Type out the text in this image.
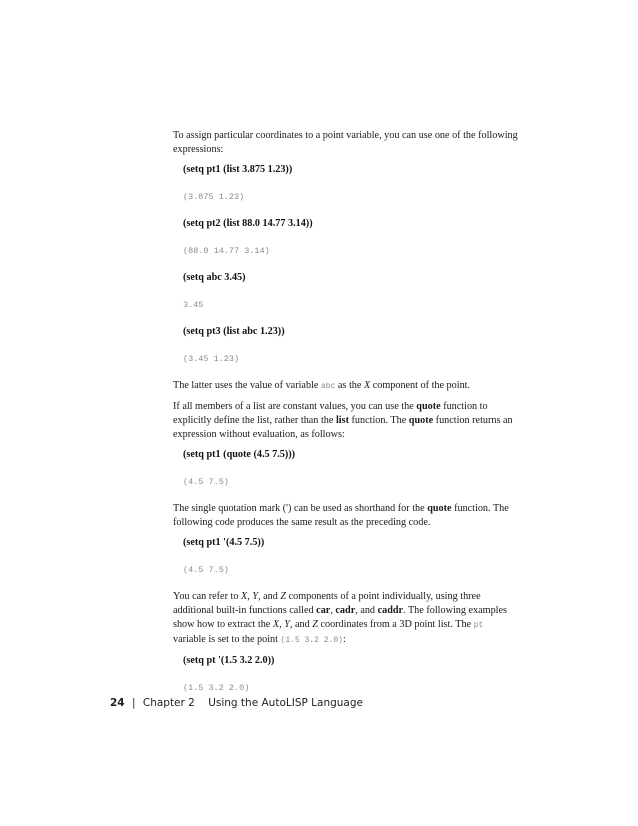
To assign particular coordinates to a point variable, you can use one of the following expressions:
(setq pt1 (list 3.875 1.23))
(3.875 1.23)
(setq pt2 (list 88.0 14.77 3.14))
(88.0 14.77 3.14)
(setq abc 3.45)
3.45
(setq pt3 (list abc 1.23))
(3.45 1.23)
The latter uses the value of variable abc as the X component of the point.
If all members of a list are constant values, you can use the quote function to explicitly define the list, rather than the list function. The quote function returns an expression without evaluation, as follows:
(setq pt1 (quote (4.5 7.5)))
(4.5 7.5)
The single quotation mark (') can be used as shorthand for the quote function. The following code produces the same result as the preceding code.
(setq pt1 '(4.5 7.5))
(4.5 7.5)
You can refer to X, Y, and Z components of a point individually, using three additional built-in functions called car, cadr, and caddr. The following examples show how to extract the X, Y, and Z coordinates from a 3D point list. The pt variable is set to the point (1.5 3.2 2.0):
(setq pt '(1.5 3.2 2.0))
(1.5 3.2 2.0)
24 | Chapter 2 Using the AutoLISP Language
